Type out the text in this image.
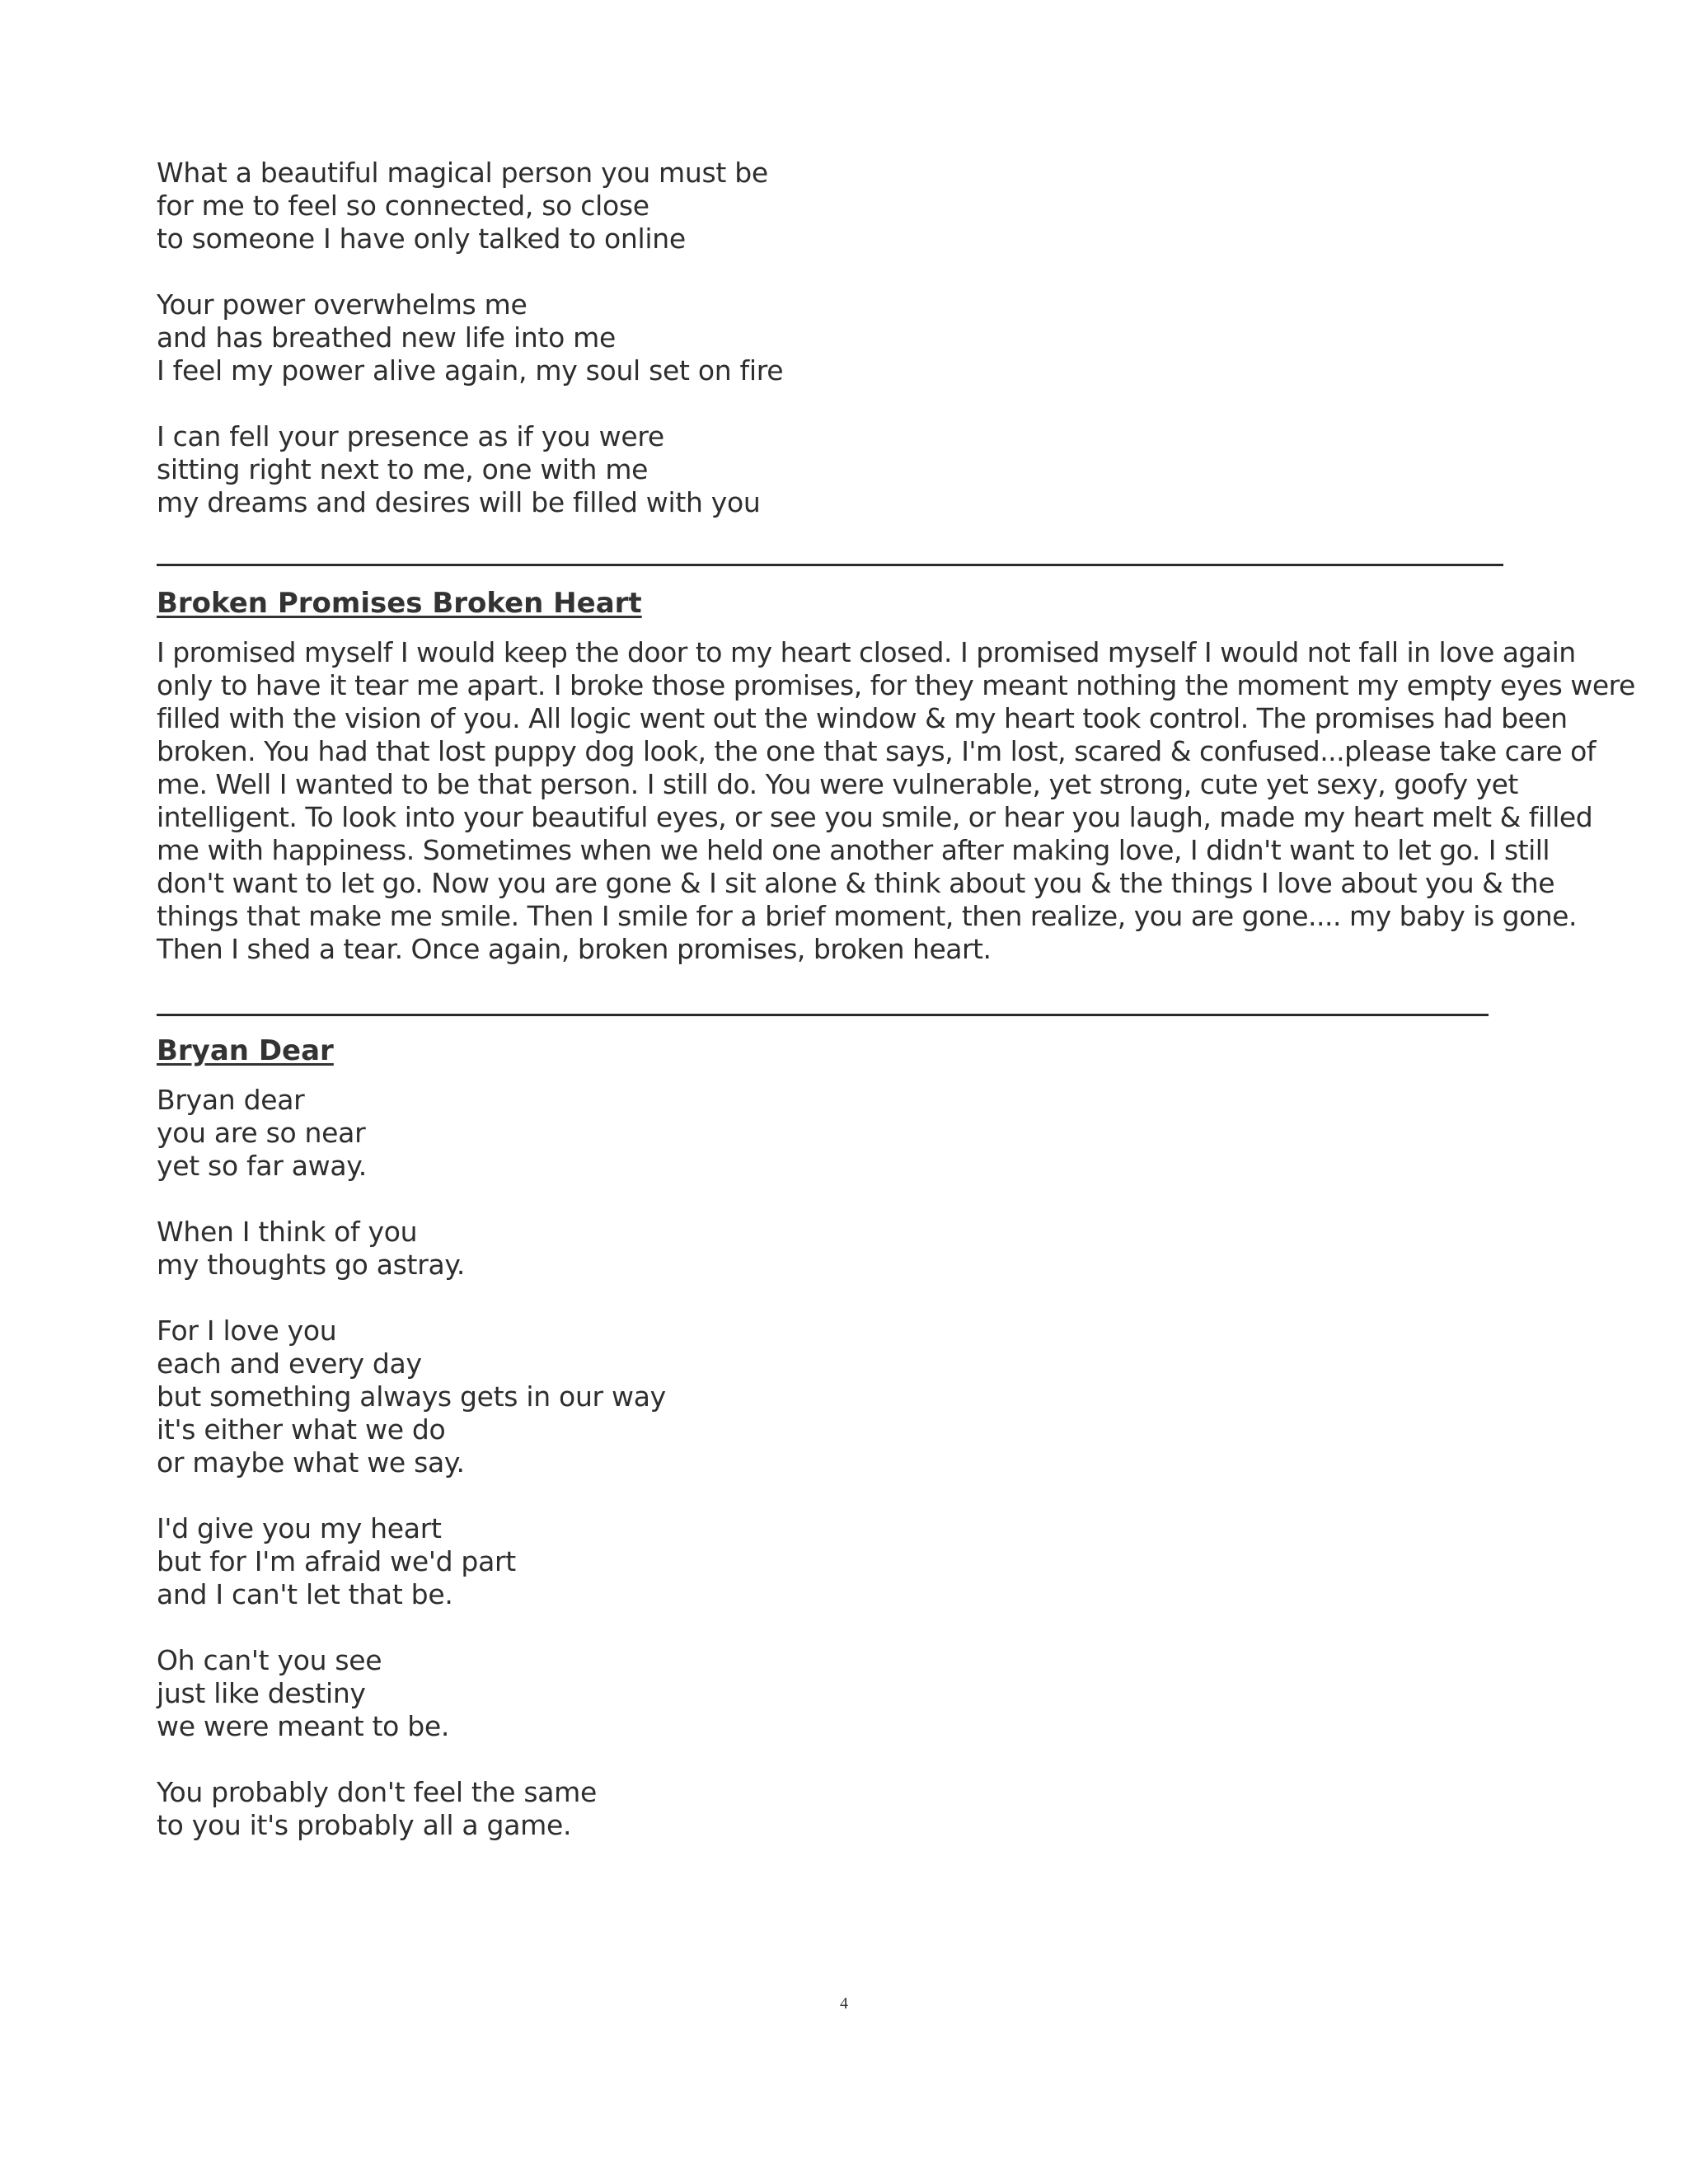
What a beautiful magical person you must be
for me to feel so connected, so close
to someone I have only talked to online
Your power overwhelms me
and has breathed new life into me
I feel my power alive again, my soul set on fire
I can fell your presence as if you were
sitting right next to me, one with me
my dreams and desires will be filled with you
Broken Promises Broken Heart
I promised myself I would keep the door to my heart closed. I promised myself I would not fall in love again
only to have it tear me apart. I broke those promises, for they meant nothing the moment my empty eyes were
filled with the vision of you. All logic went out the window & my heart took control. The promises had been
broken. You had that lost puppy dog look, the one that says, I'm lost, scared & confused...please take care of
me. Well I wanted to be that person. I still do. You were vulnerable, yet strong, cute yet sexy, goofy yet
intelligent. To look into your beautiful eyes, or see you smile, or hear you laugh, made my heart melt & filled
me with happiness. Sometimes when we held one another after making love, I didn't want to let go. I still
don't want to let go. Now you are gone & I sit alone & think about you & the things I love about you & the
things that make me smile. Then I smile for a brief moment, then realize, you are gone.... my baby is gone.
Then I shed a tear. Once again, broken promises, broken heart.
Bryan Dear
Bryan dear
you are so near
yet so far away.
When I think of you
my thoughts go astray.
For I love you
each and every day
but something always gets in our way
it's either what we do
or maybe what we say.
I'd give you my heart
but for I'm afraid we'd part
and I can't let that be.
Oh can't you see
just like destiny
we were meant to be.
You probably don't feel the same
to you it's probably all a game.
4
